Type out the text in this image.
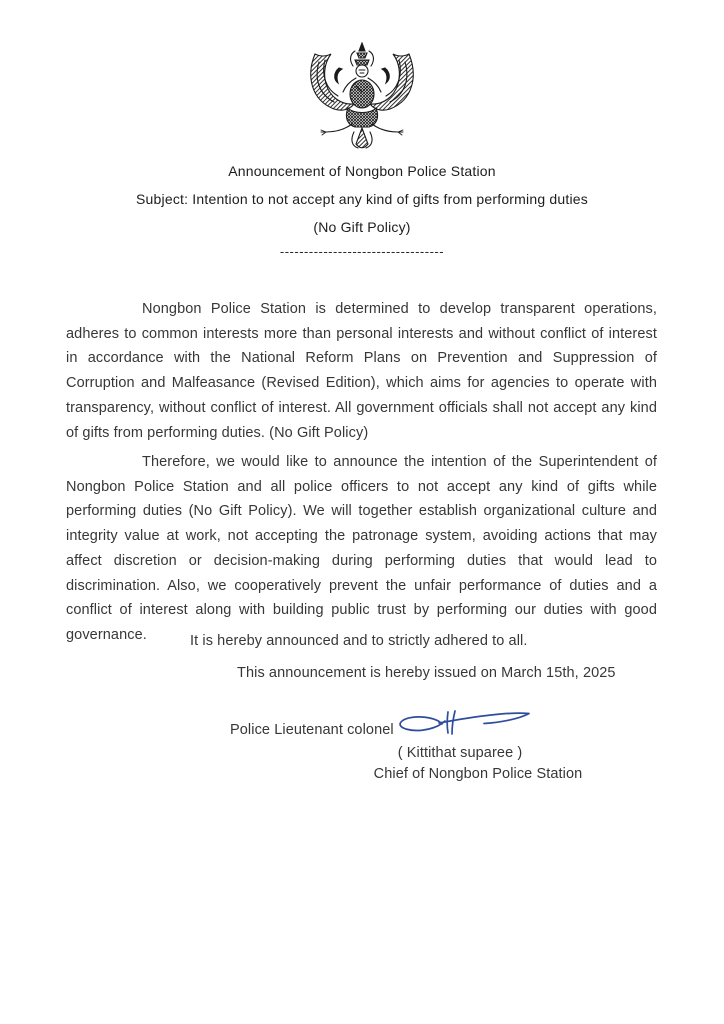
Announcement of Nongbon Police Station
Subject: Intention to not accept any kind of gifts from performing duties
(No Gift Policy)
----------------------------------

Nongbon Police Station is determined to develop transparent operations, adheres to common interests more than personal interests and without conflict of interest in accordance with the National Reform Plans on Prevention and Suppression of Corruption and Malfeasance (Revised Edition), which aims for agencies to operate with transparency, without conflict of interest. All government officials shall not accept any kind of gifts from performing duties. (No Gift Policy)

Therefore, we would like to announce the intention of the Superintendent of Nongbon Police Station and all police officers to not accept any kind of gifts while performing duties (No Gift Policy). We will together establish organizational culture and integrity value at work, not accepting the patronage system, avoiding actions that may affect discretion or decision-making during performing duties that would lead to discrimination. Also, we cooperatively prevent the unfair performance of duties and a conflict of interest along with building public trust by performing our duties with good governance.	It is hereby announced and to strictly adhered to all.
This announcement is hereby issued on March 15th, 2025
Police Lieutenant colonel
( Kittithat suparee )
Chief of Nongbon Police Station
